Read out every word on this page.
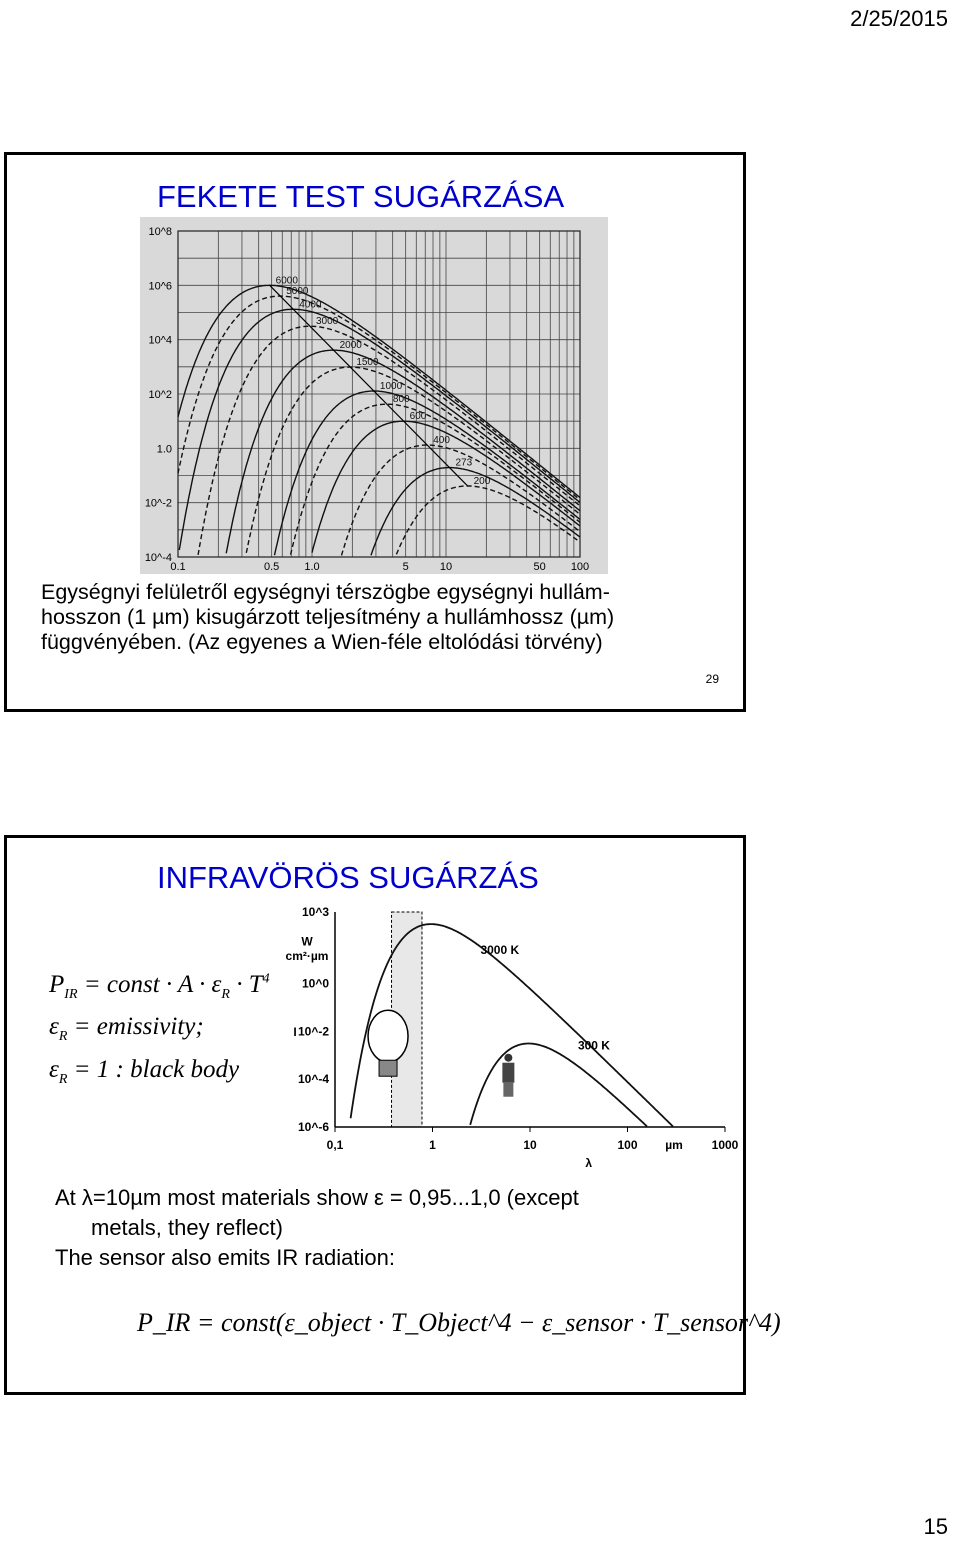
2/25/2015
FEKETE TEST SUGÁRZÁSA
6000
5000
4000
3000
2000
1500
1000
800
600
400
273
200
0.1	0.5 1.0	5	10	50 100
10^8
10^6
10^4
10^2
1.0
10^-2
10^-4
Egységnyi felületről egységnyi térszögbe egységnyi hullám-
hosszon (1 µm) kisugárzott teljesítmény a hullámhossz (µm)
függvényében. (Az egyenes a Wien-féle eltolódási törvény)
29
INFRAVÖRÖS SUGÁRZÁS
$P_{IR}$ = const · $A \cdot \varepsilon_R \cdot T^4$
$\varepsilon_R$ = emissivity;
$\varepsilon_R = 1$ : black body
0,1	1	10	100	1000
µm
λ
10^3
10^0
10^-2
10^-4
10^-6
W
cm²·µm
I
3000 K
300 K
At λ=10µm most materials show ε = 0,95...1,0 (except
metals, they reflect)
The sensor also emits IR radiation:
P_IR = const(ε_object · T_Object^4 − ε_sensor · T_sensor^4)
15
